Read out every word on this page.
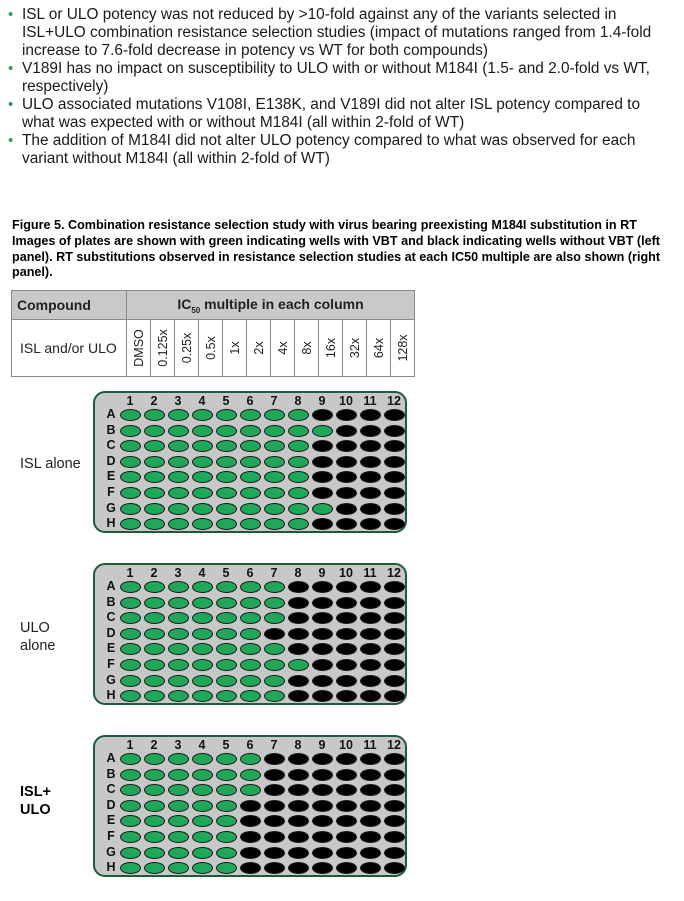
• ISL or ULO potency was not reduced by >10-fold against any of the variants selected in ISL+ULO combination resistance selection studies (impact of mutations ranged from 1.4-fold increase to 7.6-fold decrease in potency vs WT for both compounds)
• V189I has no impact on susceptibility to ULO with or without M184I (1.5- and 2.0-fold vs WT, respectively)
• ULO associated mutations V108I, E138K, and V189I did not alter ISL potency compared to what was expected with or without M184I (all within 2-fold of WT)
• The addition of M184I did not alter ULO potency compared to what was observed for each variant without M184I (all within 2-fold of WT)
Figure 5. Combination resistance selection study with virus bearing preexisting M184I substitution in RT Images of plates are shown with green indicating wells with VBT and black indicating wells without VBT (left panel). RT substitutions observed in resistance selection studies at each IC50 multiple are also shown (right panel).
Compound	$IC_{50}$ multiple in each column											
ISL and/or ULO	DMSO	0.125x	0.25x	0.5x	1x	2x	4x	8x	16x	32x	64x	128x
ISL alone
ULO
alone
ISL+
ULO
1	2	3	4	5	6	7	8	9	10 11 12
A
B
C
D
E
F
G
H
1	2	3	4	5	6	7	8	9	10 11 12
A
B
C
D
E
F
G
H
1	2	3	4	5	6	7	8	9	10 11 12
A
B
C
D
E
F
G
H
